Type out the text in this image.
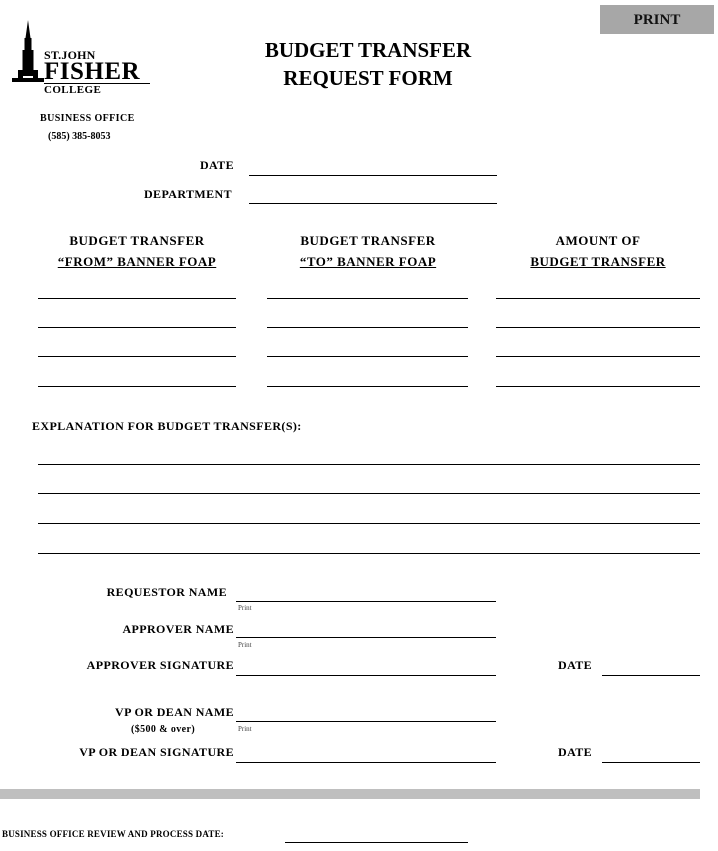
PRINT
ST.JOHN
FISHER
COLLEGE
BUSINESS OFFICE
(585) 385-8053
BUDGET TRANSFER
REQUEST FORM
DATE
DEPARTMENT
BUDGET TRANSFER
“FROM” BANNER FOAP
BUDGET TRANSFER
“TO” BANNER FOAP
AMOUNT OF
BUDGET TRANSFER
EXPLANATION FOR BUDGET TRANSFER(S):
REQUESTOR NAME
Print
APPROVER NAME
Print
APPROVER SIGNATURE	DATE
VP OR DEAN NAME
Print
($500 & over)
VP OR DEAN SIGNATURE	DATE
BUSINESS OFFICE REVIEW AND PROCESS DATE:
